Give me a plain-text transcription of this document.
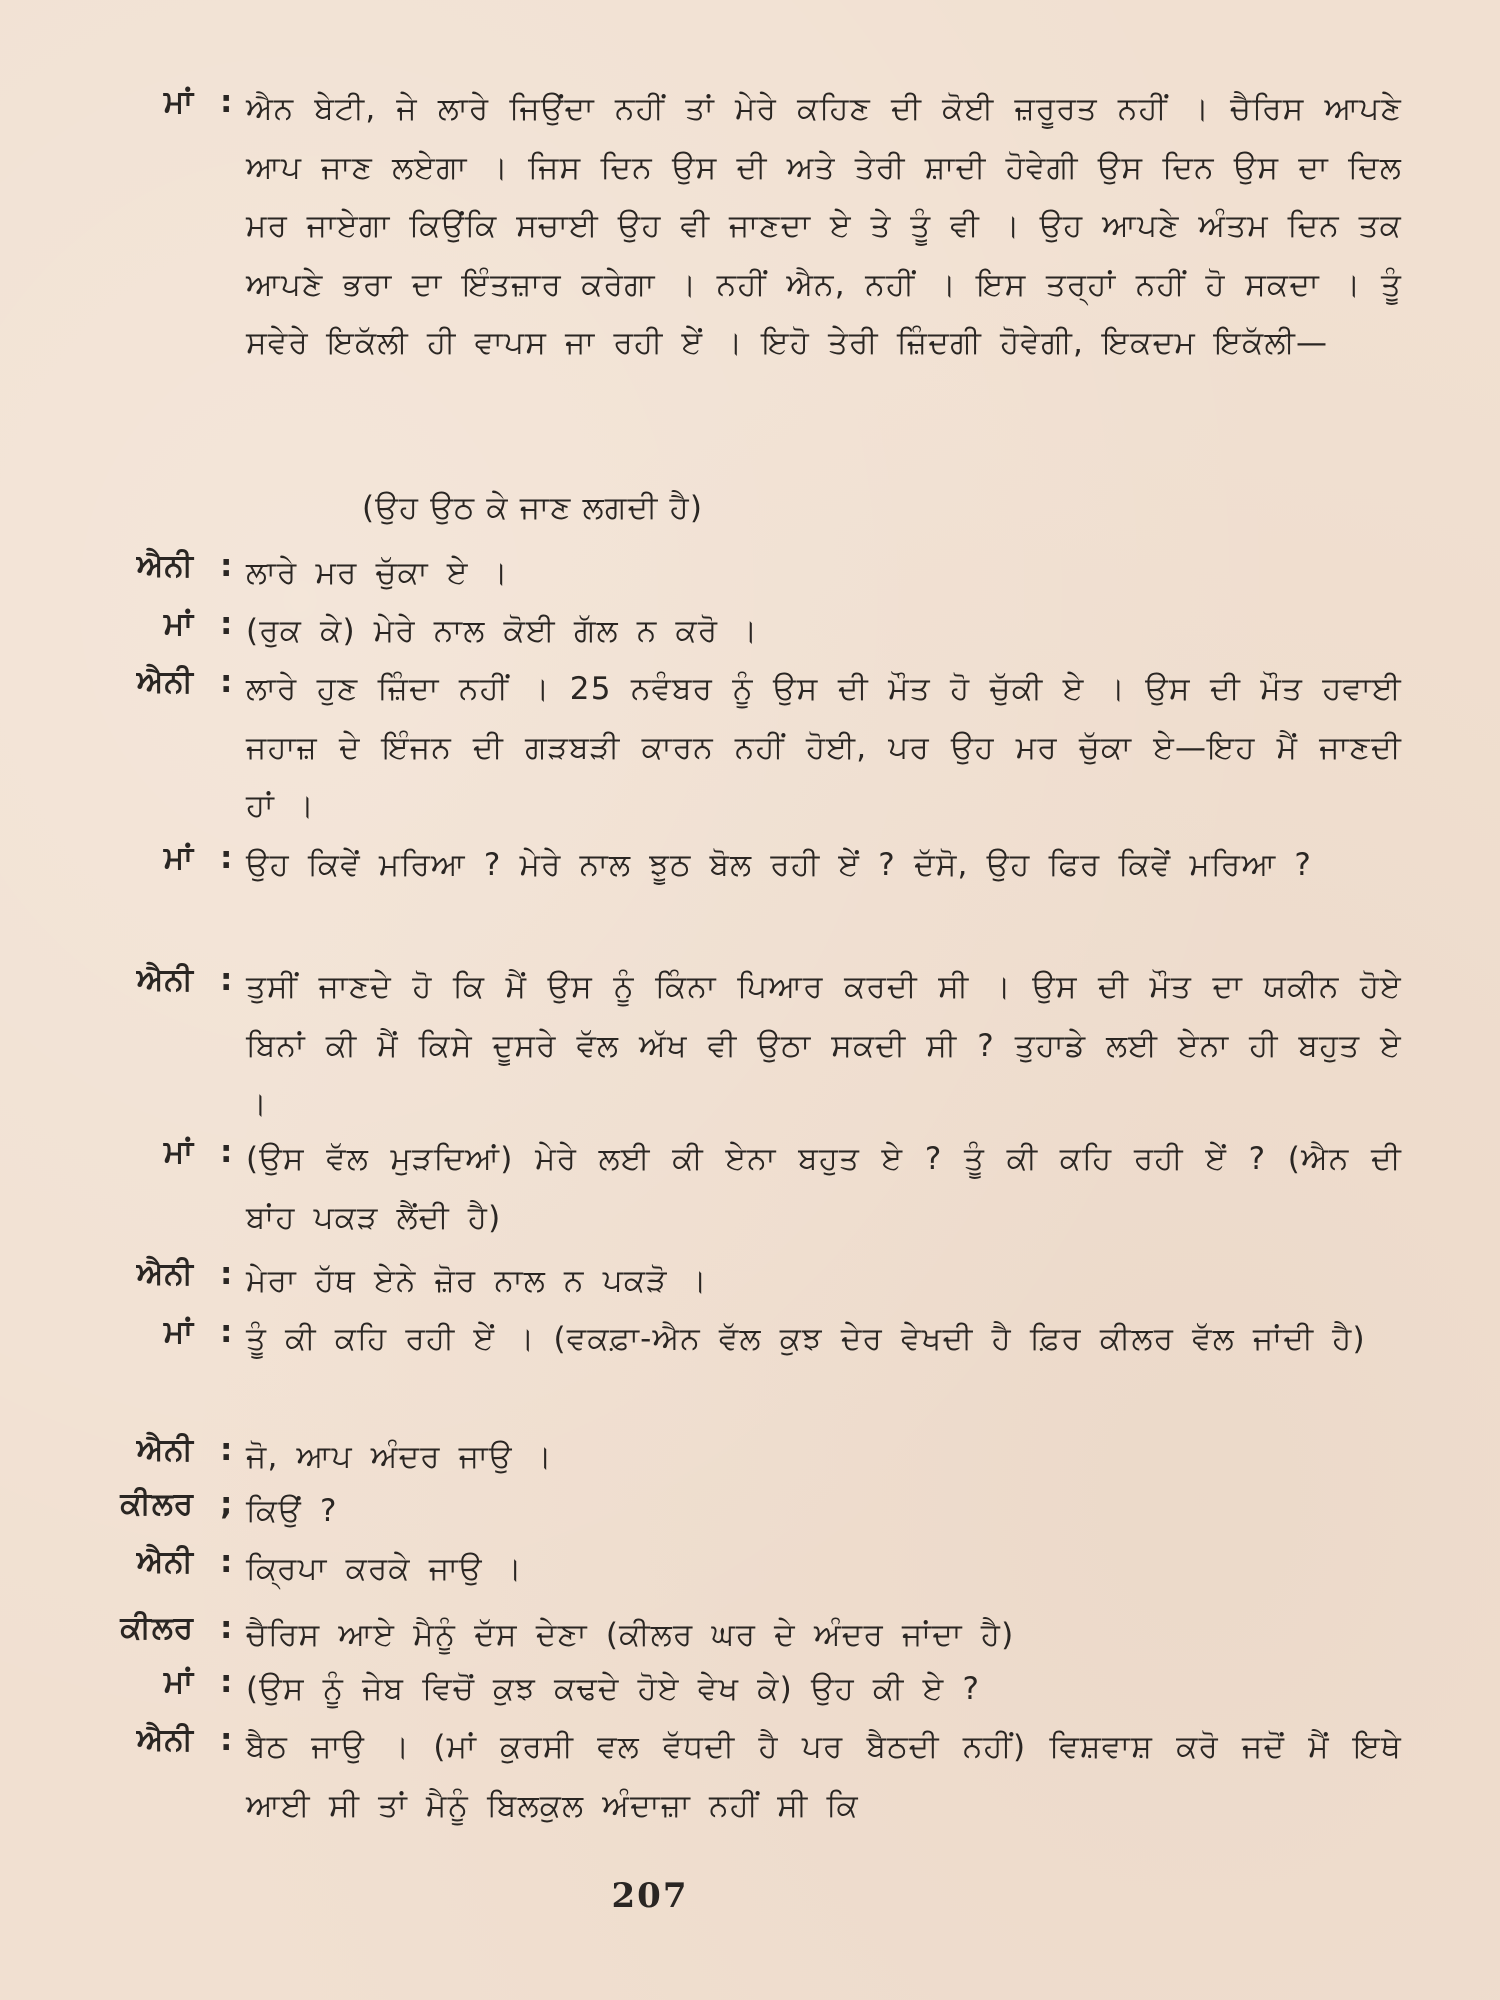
ਮਾਂ : ਐਨ ਬੇਟੀ, ਜੇ ਲਾਰੇ ਜਿਉਂਦਾ ਨਹੀਂ ਤਾਂ ਮੇਰੇ ਕਹਿਣ ਦੀ ਕੋਈ ਜ਼ਰੂਰਤ ਨਹੀਂ । ਚੈਰਿਸ ਆਪਣੇ ਆਪ ਜਾਣ ਲਏਗਾ । ਜਿਸ ਦਿਨ ਉਸ ਦੀ ਅਤੇ ਤੇਰੀ ਸ਼ਾਦੀ ਹੋਵੇਗੀ ਉਸ ਦਿਨ ਉਸ ਦਾ ਦਿਲ ਮਰ ਜਾਏਗਾ ਕਿਉਂਕਿ ਸਚਾਈ ਉਹ ਵੀ ਜਾਣਦਾ ਏ ਤੇ ਤੂੰ ਵੀ । ਉਹ ਆਪਣੇ ਅੰਤਮ ਦਿਨ ਤਕ ਆਪਣੇ ਭਰਾ ਦਾ ਇੰਤਜ਼ਾਰ ਕਰੇਗਾ । ਨਹੀਂ ਐਨ, ਨਹੀਂ । ਇਸ ਤਰ੍ਹਾਂ ਨਹੀਂ ਹੋ ਸਕਦਾ । ਤੂੰ ਸਵੇਰੇ ਇਕੱਲੀ ਹੀ ਵਾਪਸ ਜਾ ਰਹੀ ਏਂ । ਇਹੋ ਤੇਰੀ ਜ਼ਿੰਦਗੀ ਹੋਵੇਗੀ, ਇਕਦਮ ਇਕੱਲੀ—
(ਉਹ ਉਠ ਕੇ ਜਾਣ ਲਗਦੀ ਹੈ)
ਐਨੀ : ਲਾਰੇ ਮਰ ਚੁੱਕਾ ਏ ।
ਮਾਂ : (ਰੁਕ ਕੇ) ਮੇਰੇ ਨਾਲ ਕੋਈ ਗੱਲ ਨ ਕਰੋ ।
ਐਨੀ : ਲਾਰੇ ਹੁਣ ਜ਼ਿੰਦਾ ਨਹੀਂ । 25 ਨਵੰਬਰ ਨੂੰ ਉਸ ਦੀ ਮੌਤ ਹੋ ਚੁੱਕੀ ਏ । ਉਸ ਦੀ ਮੌਤ ਹਵਾਈ ਜਹਾਜ਼ ਦੇ ਇੰਜਨ ਦੀ ਗੜਬੜੀ ਕਾਰਨ ਨਹੀਂ ਹੋਈ, ਪਰ ਉਹ ਮਰ ਚੁੱਕਾ ਏ—ਇਹ ਮੈਂ ਜਾਣਦੀ ਹਾਂ ।
ਮਾਂ : ਉਹ ਕਿਵੇਂ ਮਰਿਆ ? ਮੇਰੇ ਨਾਲ ਝੂਠ ਬੋਲ ਰਹੀ ਏਂ ? ਦੱਸੋ, ਉਹ ਫਿਰ ਕਿਵੇਂ ਮਰਿਆ ?
ਐਨੀ : ਤੁਸੀਂ ਜਾਣਦੇ ਹੋ ਕਿ ਮੈਂ ਉਸ ਨੂੰ ਕਿੰਨਾ ਪਿਆਰ ਕਰਦੀ ਸੀ । ਉਸ ਦੀ ਮੌਤ ਦਾ ਯਕੀਨ ਹੋਏ ਬਿਨਾਂ ਕੀ ਮੈਂ ਕਿਸੇ ਦੂਸਰੇ ਵੱਲ ਅੱਖ ਵੀ ਉਠਾ ਸਕਦੀ ਸੀ ? ਤੁਹਾਡੇ ਲਈ ਏਨਾ ਹੀ ਬਹੁਤ ਏ ।
ਮਾਂ : (ਉਸ ਵੱਲ ਮੁੜਦਿਆਂ) ਮੇਰੇ ਲਈ ਕੀ ਏਨਾ ਬਹੁਤ ਏ ? ਤੂੰ ਕੀ ਕਹਿ ਰਹੀ ਏਂ ? (ਐਨ ਦੀ ਬਾਂਹ ਪਕੜ ਲੈਂਦੀ ਹੈ)
ਐਨੀ : ਮੇਰਾ ਹੱਥ ਏਨੇ ਜ਼ੋਰ ਨਾਲ ਨ ਪਕੜੋ ।
ਮਾਂ : ਤੂੰ ਕੀ ਕਹਿ ਰਹੀ ਏਂ । (ਵਕਫ਼ਾ-ਐਨ ਵੱਲ ਕੁਝ ਦੇਰ ਵੇਖਦੀ ਹੈ ਫ਼ਿਰ ਕੀਲਰ ਵੱਲ ਜਾਂਦੀ ਹੈ)
ਐਨੀ : ਜੋ, ਆਪ ਅੰਦਰ ਜਾਉ ।
ਕੀਲਰ ; ਕਿਉਂ ?
ਐਨੀ : ਕ੍ਰਿਪਾ ਕਰਕੇ ਜਾਉ ।
ਕੀਲਰ : ਚੈਰਿਸ ਆਏ ਮੈਨੂੰ ਦੱਸ ਦੇਣਾ (ਕੀਲਰ ਘਰ ਦੇ ਅੰਦਰ ਜਾਂਦਾ ਹੈ)
ਮਾਂ : (ਉਸ ਨੂੰ ਜੇਬ ਵਿਚੋਂ ਕੁਝ ਕਢਦੇ ਹੋਏ ਵੇਖ ਕੇ) ਉਹ ਕੀ ਏ ?
ਐਨੀ : ਬੈਠ ਜਾਉ । (ਮਾਂ ਕੁਰਸੀ ਵਲ ਵੱਧਦੀ ਹੈ ਪਰ ਬੈਠਦੀ ਨਹੀਂ) ਵਿਸ਼ਵਾਸ਼ ਕਰੋ ਜਦੋਂ ਮੈਂ ਇਥੇ ਆਈ ਸੀ ਤਾਂ ਮੈਨੂੰ ਬਿਲਕੁਲ ਅੰਦਾਜ਼ਾ ਨਹੀਂ ਸੀ ਕਿ
207
